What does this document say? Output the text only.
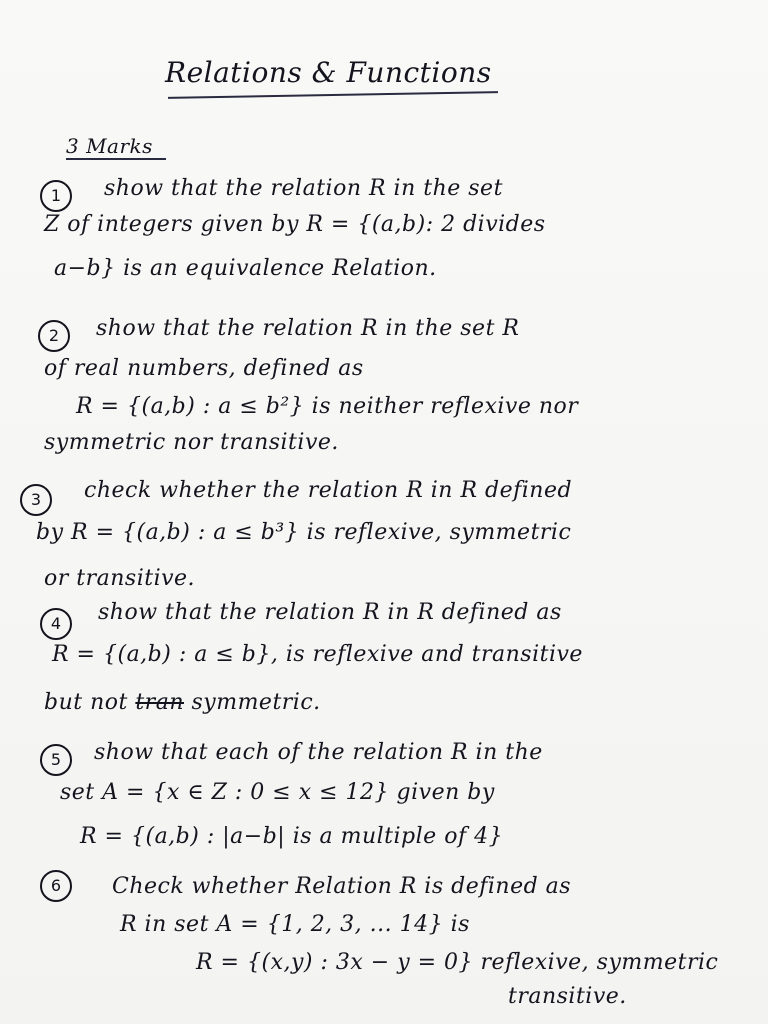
Relations & Functions
3 Marks
1	show that the relation R in the set
Z of integers given by R = {(a,b): 2 divides
a−b} is an equivalence Relation.
2	show that the relation R in the set R
of real numbers, defined as
R = {(a,b) : a ≤ b²} is neither reflexive nor
symmetric nor transitive.
3	check whether the relation R in R defined
by R = {(a,b) : a ≤ b³} is reflexive, symmetric
or transitive.
4	show that the relation R in R defined as
R = {(a,b) : a ≤ b}, is reflexive and transitive
but not tran symmetric.
5	show that each of the relation R in the
set A = {x ∈ Z : 0 ≤ x ≤ 12} given by
R = {(a,b) : |a−b| is a multiple of 4}
6	Check whether Relation R is defined as
R in set A = {1, 2, 3, ... 14} is
R = {(x,y) : 3x − y = 0} reflexive, symmetric
transitive.
